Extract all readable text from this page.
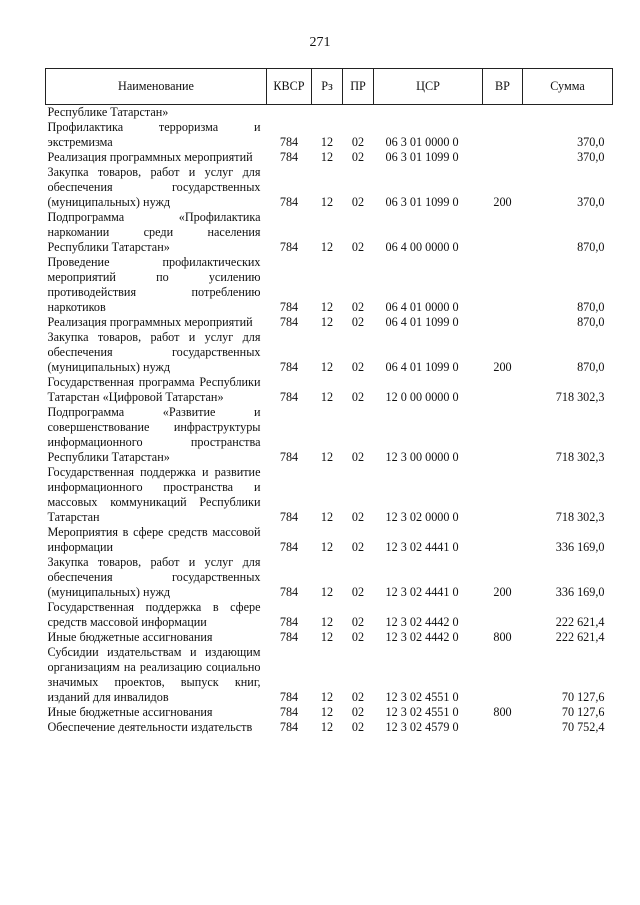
271
Наименование	КВСР	Рз	ПР	ЦСР	ВР	Сумма
Республике Татарстан»						
Профилактика терроризма и экстремизма	784	12	02	06 3 01 0000 0		370,0
Реализация программных мероприятий	784	12	02	06 3 01 1099 0		370,0
Закупка товаров, работ и услуг для обеспечения государственных (муниципальных) нужд	784	12	02	06 3 01 1099 0	200	370,0
Подпрограмма «Профилактика наркомании среди населения Республики Татарстан»	784	12	02	06 4 00 0000 0		870,0
Проведение профилактических мероприятий по усилению противодействия потреблению наркотиков	784	12	02	06 4 01 0000 0		870,0
Реализация программных мероприятий	784	12	02	06 4 01 1099 0		870,0
Закупка товаров, работ и услуг для обеспечения государственных (муниципальных) нужд	784	12	02	06 4 01 1099 0	200	870,0
Государственная программа Республики Татарстан «Цифровой Татарстан»	784	12	02	12 0 00 0000 0		718 302,3
Подпрограмма «Развитие и совершенствование инфраструктуры информационного пространства Республики Татарстан»	784	12	02	12 3 00 0000 0		718 302,3
Государственная поддержка и развитие информационного пространства и массовых коммуникаций Республики Татарстан	784	12	02	12 3 02 0000 0		718 302,3
Мероприятия в сфере средств массовой информации	784	12	02	12 3 02 4441 0		336 169,0
Закупка товаров, работ и услуг для обеспечения государственных (муниципальных) нужд	784	12	02	12 3 02 4441 0	200	336 169,0
Государственная поддержка в сфере средств массовой информации	784	12	02	12 3 02 4442 0		222 621,4
Иные бюджетные ассигнования	784	12	02	12 3 02 4442 0	800	222 621,4
Субсидии издательствам и издающим организациям на реализацию социально значимых проектов, выпуск книг, изданий для инвалидов	784	12	02	12 3 02 4551 0		70 127,6
Иные бюджетные ассигнования	784	12	02	12 3 02 4551 0	800	70 127,6
Обеспечение деятельности издательств	784	12	02	12 3 02 4579 0		70 752,4
